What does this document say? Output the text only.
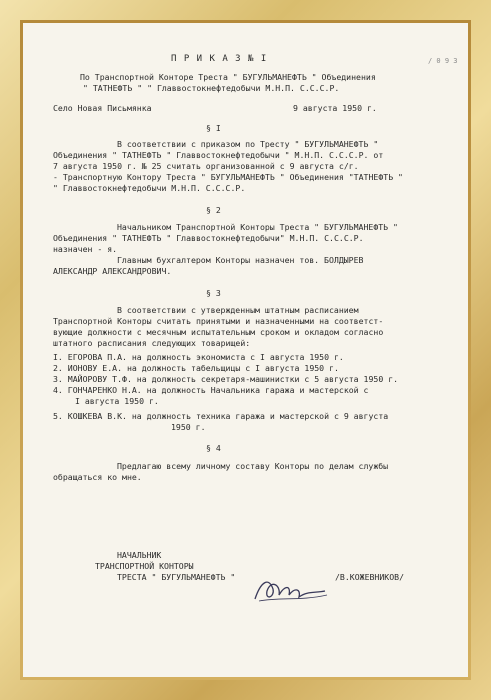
П Р И К А З № I	/ 0 9 3
По Транспортной Конторе Треста " БУГУЛЬМАНЕФТЬ " Объединения
" ТАТНЕФТЬ " " Главвостокнефтедобычи М.Н.П. С.С.С.Р.
Село Новая Письмянка	9 августа 1950 г.
§ I
В соответствии с приказом по Тресту " БУГУЛЬМАНЕФТЬ "
Объединения " ТАТНЕФТЬ " Главвостокнефтедобычи " М.Н.П. С.С.С.Р. от
7 августа 1950 г. № 25 считать организованной с 9 августа с/г.
- Транспортную Контору Треста " БУГУЛЬМАНЕФТЬ " Объединения "ТАТНЕФТЬ "
" Главвостокнефтедобычи М.Н.П. С.С.С.Р.
§ 2
Начальником Транспортной Конторы Треста " БУГУЛЬМАНЕФТЬ "
Объединения " ТАТНЕФТЬ " Главвостокнефтедобычи" М.Н.П. С.С.С.Р.
назначен - я.
Главным бухгалтером Конторы назначен тов. БОЛДЫРЕВ
АЛЕКСАНДР АЛЕКСАНДРОВИЧ.
§ 3
В соответствии с утвержденным штатным расписанием
Транспортной Конторы считать принятыми и назначенными на соответст-
вующие должности с месячным испытательным сроком и окладом согласно
штатного расписания следующих товарищей:
I. ЕГОРОВА П.А. на должность экономиста с I августа 1950 г.
2. ИОНОВУ Е.А. на должность табельщицы с I августа 1950 г.
3. МАЙОРОВУ Т.Ф. на должность секретаря-машинистки с 5 августа 1950 г.
4. ГОНЧАРЕНКО Н.А. на должность Начальника гаража и мастерской с
I августа 1950 г.
5. КОШКЕВА В.К. на должность техника гаража и мастерской с 9 августа
1950 г.
§ 4
Предлагаю всему личному составу Конторы по делам службы
обращаться ко мне.
НАЧАЛЬНИК
ТРАНСПОРТНОЙ КОНТОРЫ
ТРЕСТА " БУГУЛЬМАНЕФТЬ "	/В.КОЖЕВНИКОВ/
